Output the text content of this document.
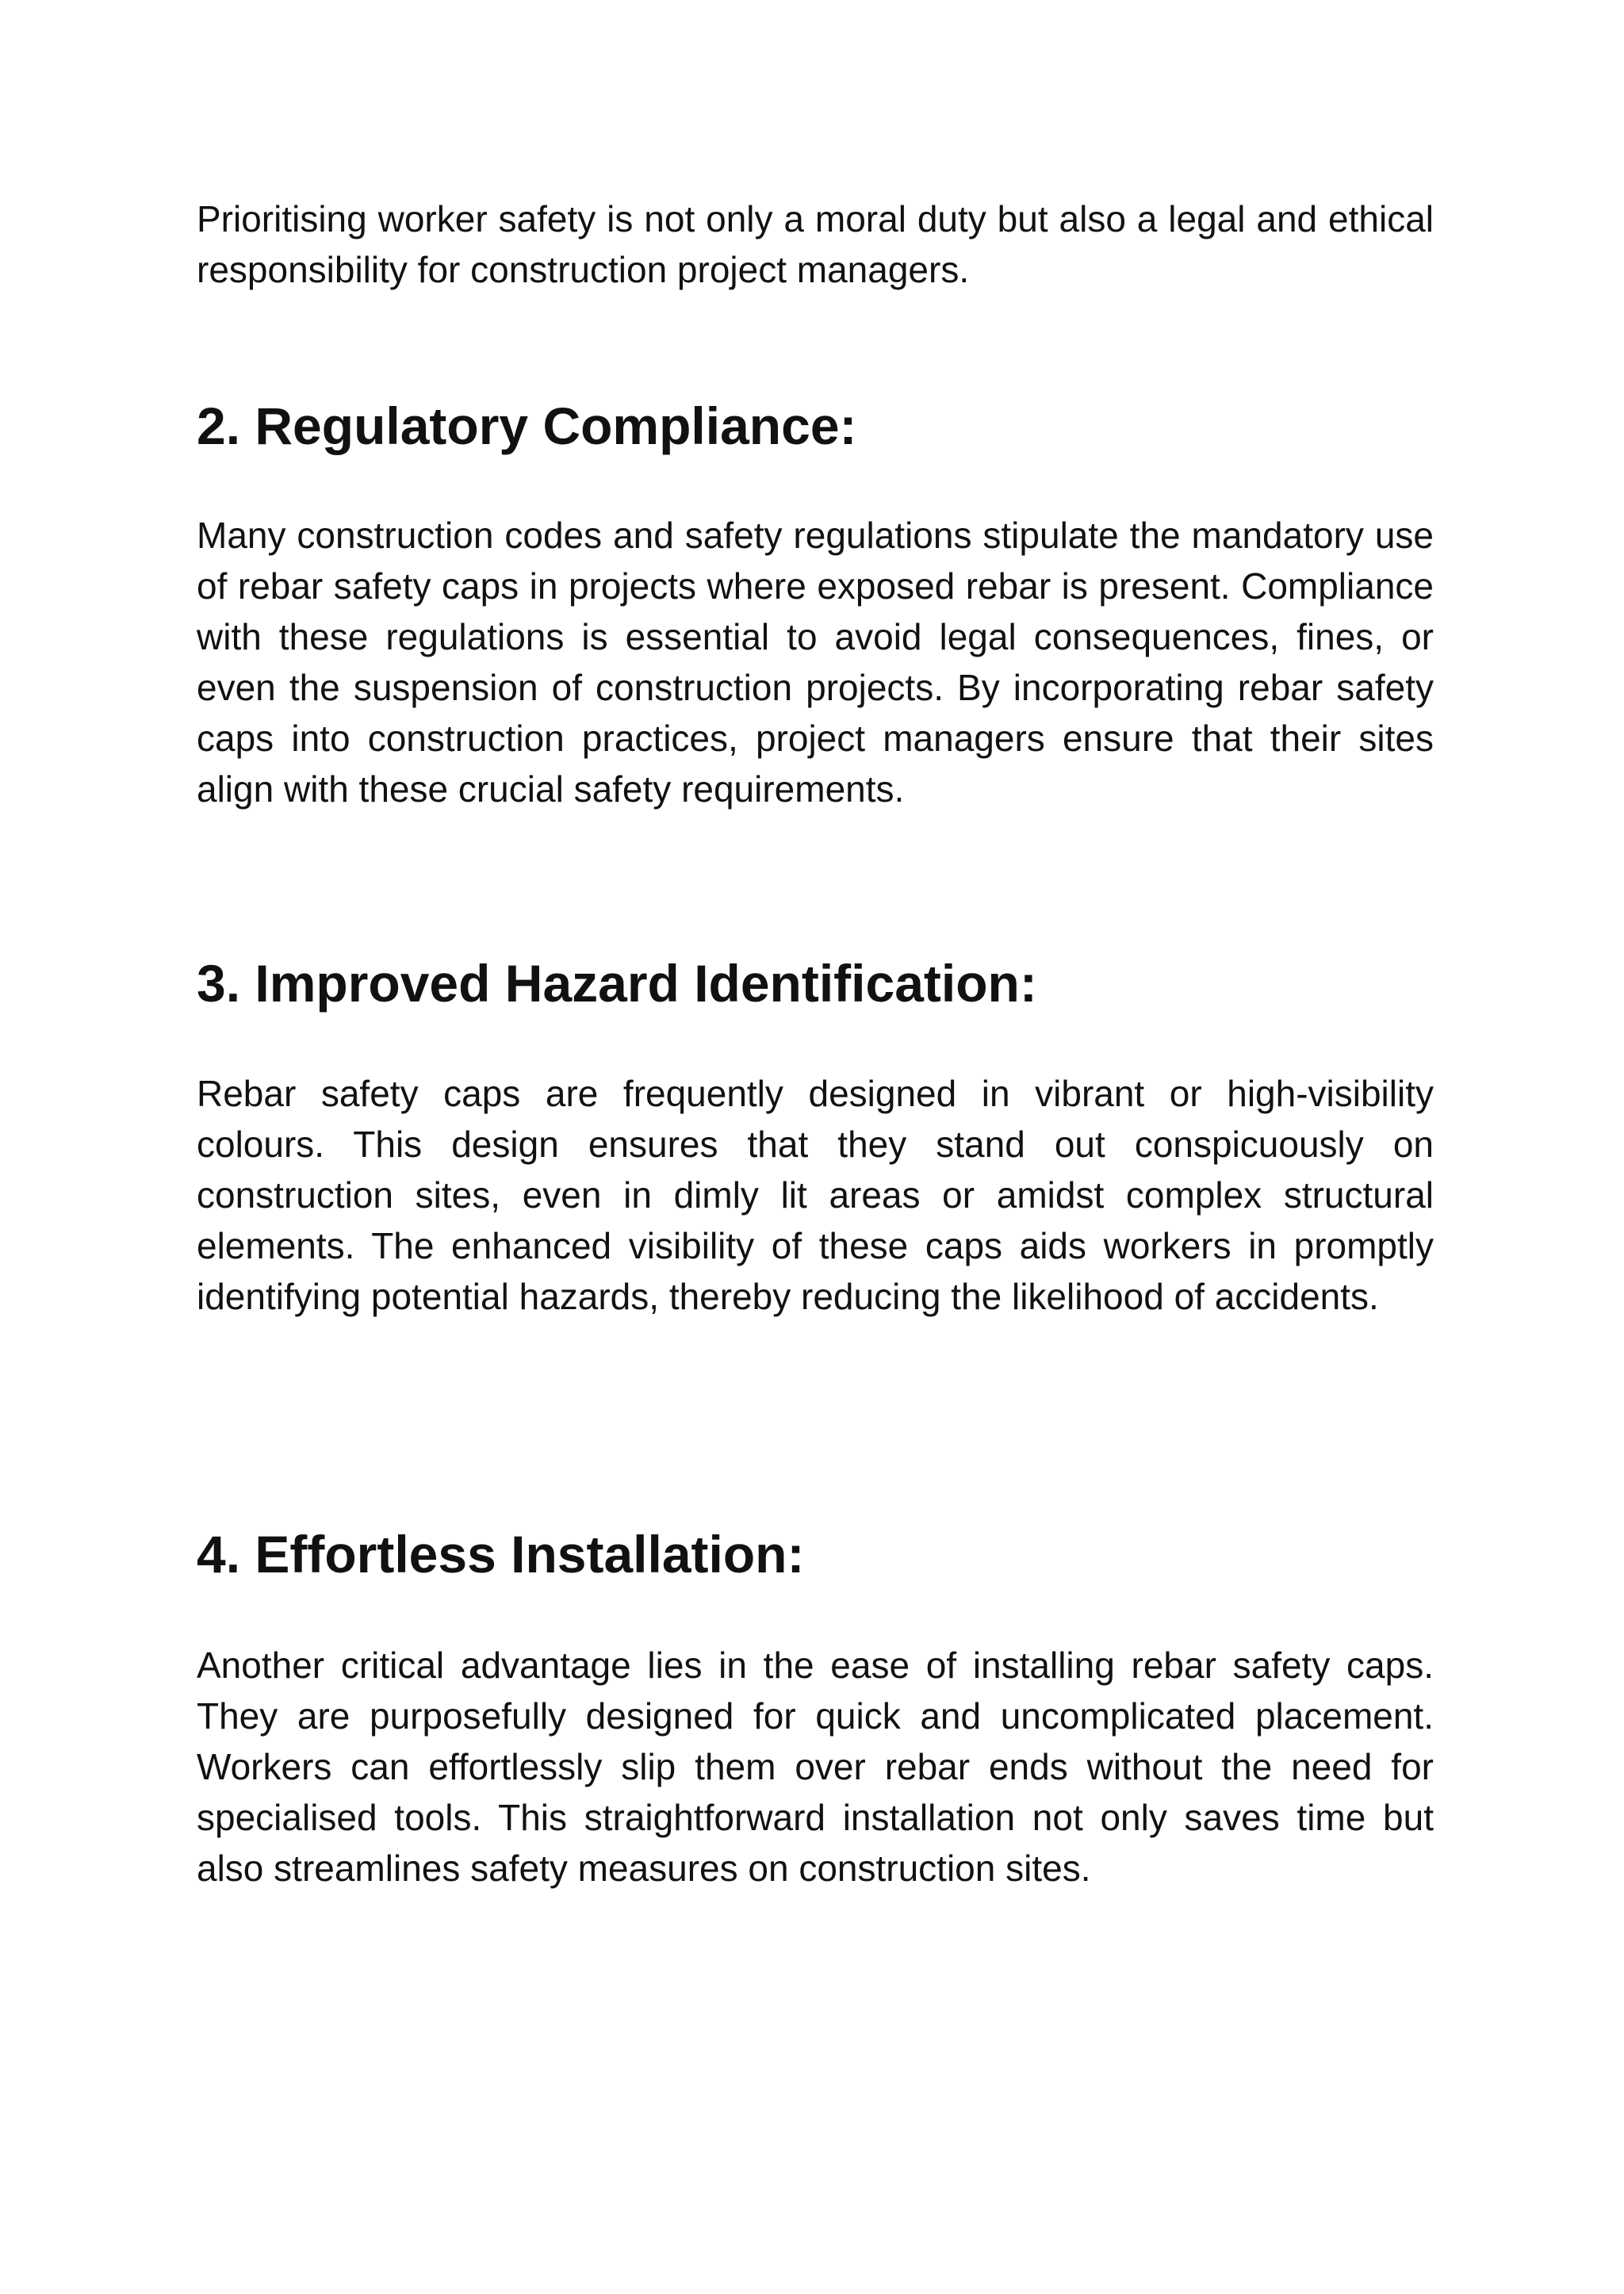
Prioritising worker safety is not only a moral duty but also a legal and ethical responsibility for construction project managers.

2. Regulatory Compliance:

Many construction codes and safety regulations stipulate the mandatory use of rebar safety caps in projects where exposed rebar is present. Compliance with these regulations is essential to avoid legal consequences, fines, or even the suspension of construction projects. By incorporating rebar safety caps into construction practices, project managers ensure that their sites align with these crucial safety requirements.

3. Improved Hazard Identification:

Rebar safety caps are frequently designed in vibrant or high-visibility colours. This design ensures that they stand out conspicuously on construction sites, even in dimly lit areas or amidst complex structural elements. The enhanced visibility of these caps aids workers in promptly identifying potential hazards, thereby reducing the likelihood of accidents.

4. Effortless Installation:

Another critical advantage lies in the ease of installing rebar safety caps. They are purposefully designed for quick and uncomplicated placement. Workers can effortlessly slip them over rebar ends without the need for specialised tools. This straightforward installation not only saves time but also streamlines safety measures on construction sites.
